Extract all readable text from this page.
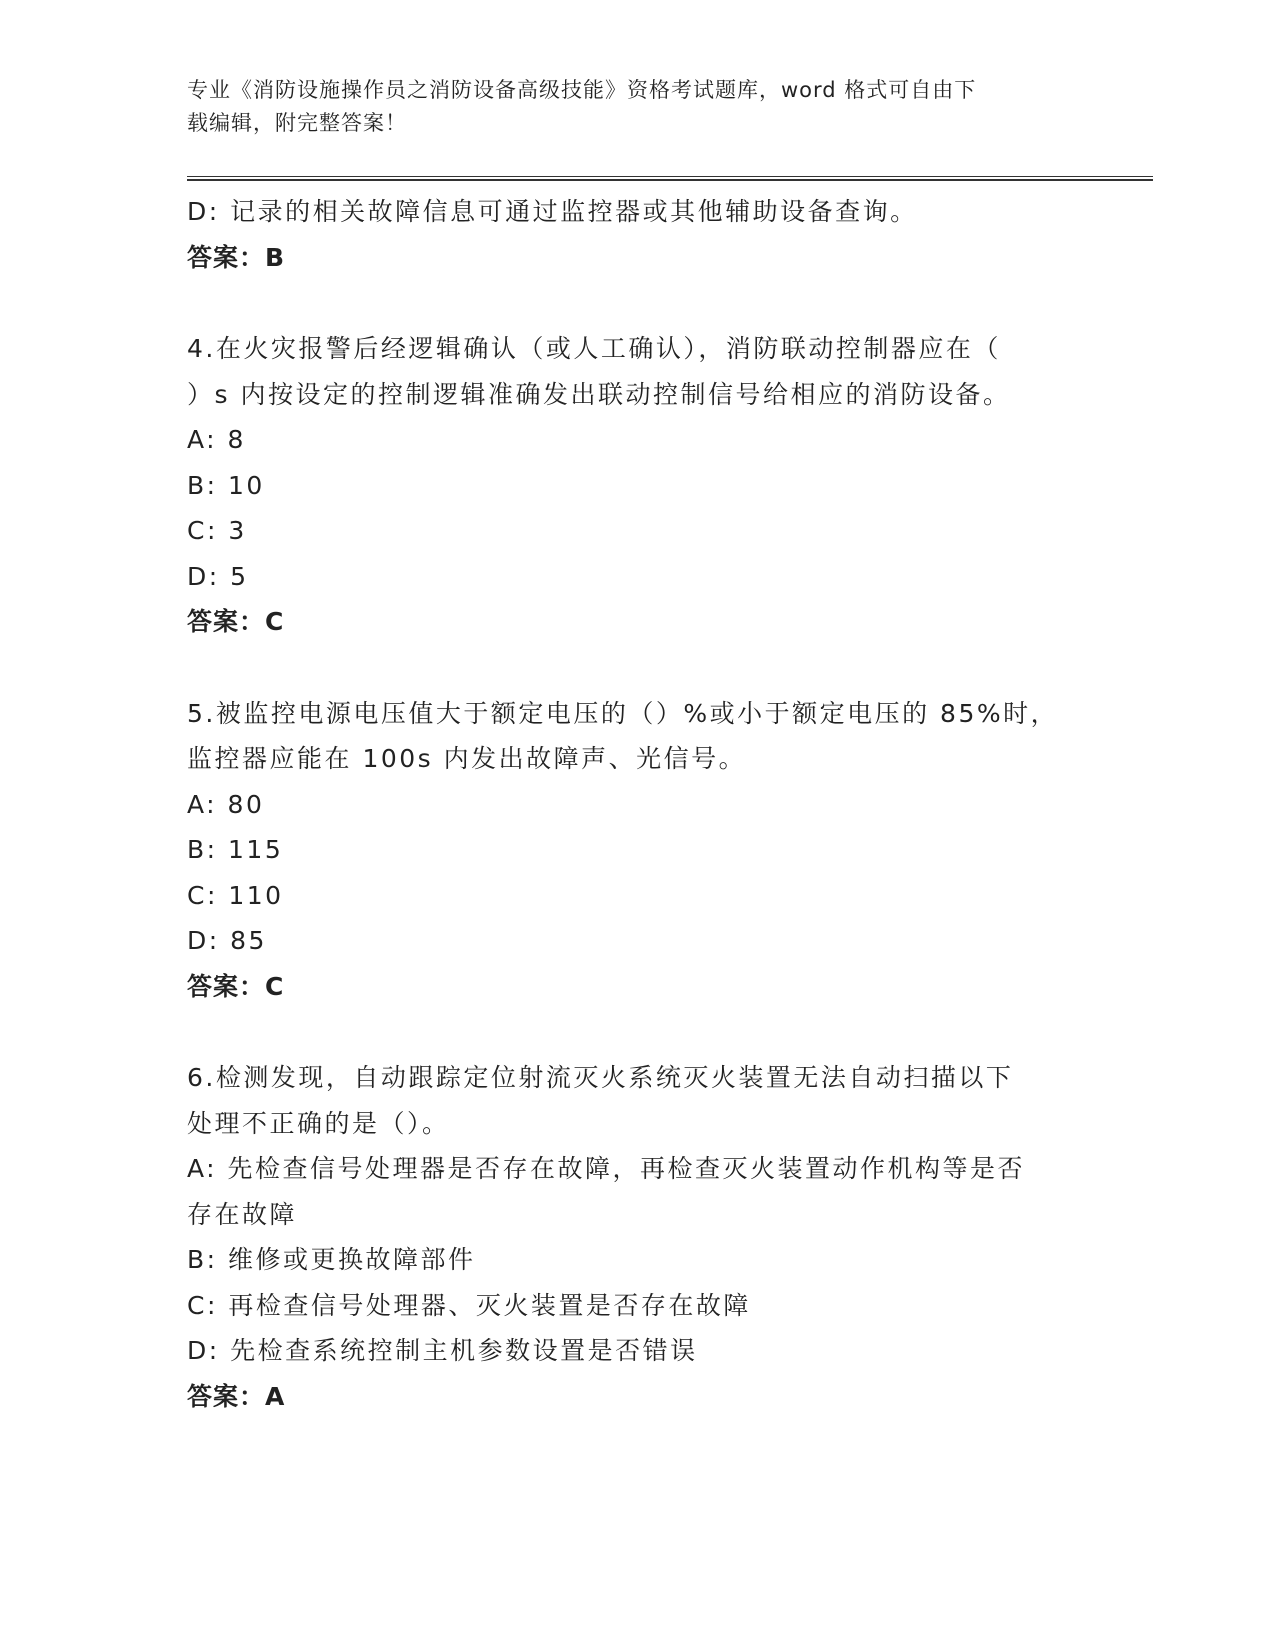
专业《消防设施操作员之消防设备高级技能》资格考试题库，word 格式可自由下
载编辑，附完整答案！
D: 记录的相关故障信息可通过监控器或其他辅助设备查询。
答案：B
4.在火灾报警后经逻辑确认（或人工确认），消防联动控制器应在（
）s 内按设定的控制逻辑准确发出联动控制信号给相应的消防设备。
A: 8
B: 10
C: 3
D: 5
答案：C
5.被监控电源电压值大于额定电压的（）%或小于额定电压的 85%时，
监控器应能在 100s 内发出故障声、光信号。
A: 80
B: 115
C: 110
D: 85
答案：C
6.检测发现，自动跟踪定位射流灭火系统灭火装置无法自动扫描以下
处理不正确的是（）。
A: 先检查信号处理器是否存在故障，再检查灭火装置动作机构等是否
存在故障
B: 维修或更换故障部件
C: 再检查信号处理器、灭火装置是否存在故障
D: 先检查系统控制主机参数设置是否错误
答案：A
